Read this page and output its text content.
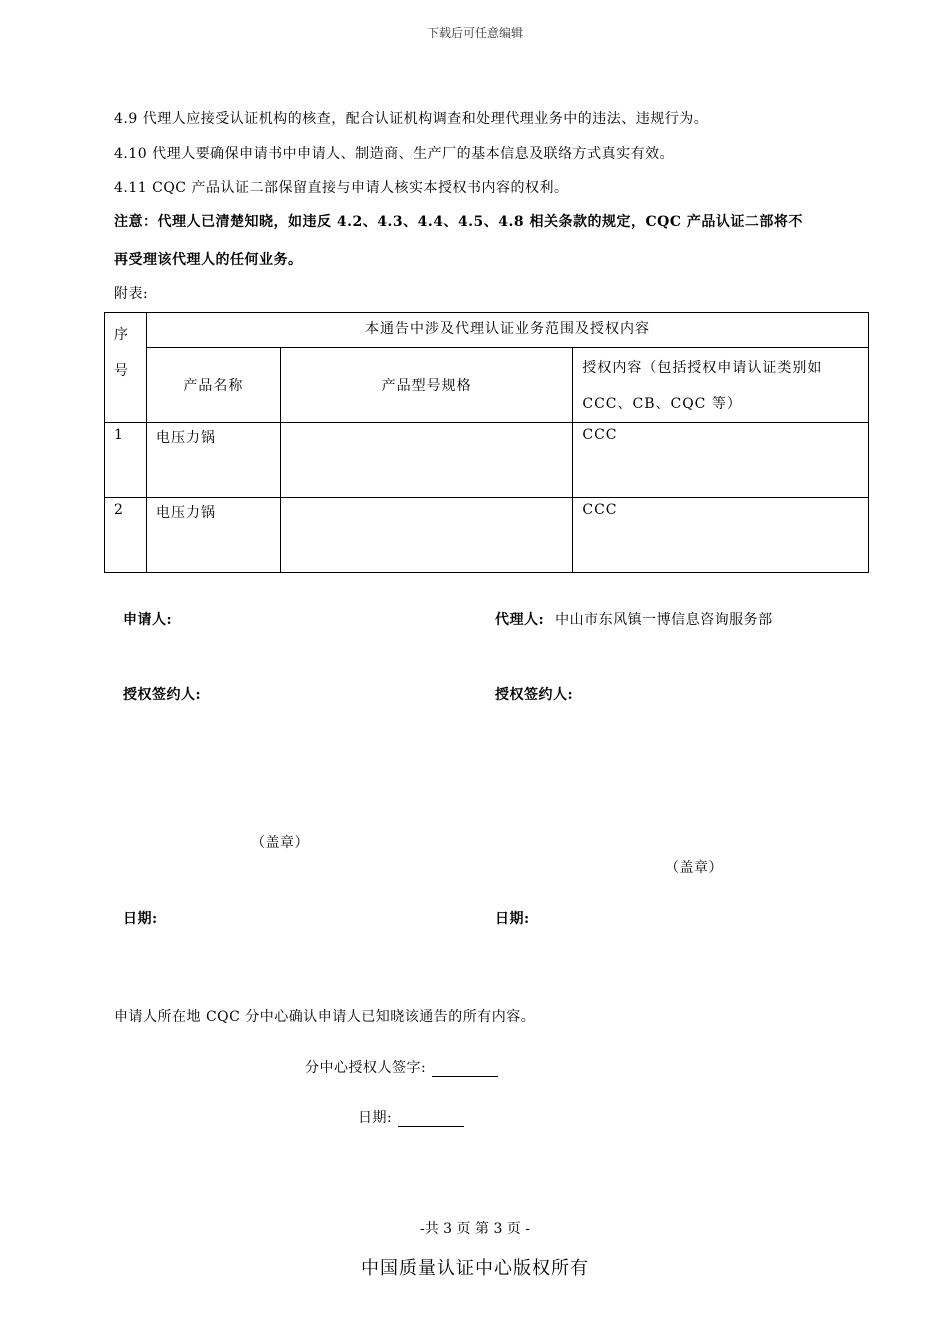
下载后可任意编辑
4.9 代理人应接受认证机构的核查，配合认证机构调查和处理代理业务中的违法、违规行为。
4.10 代理人要确保申请书中申请人、制造商、生产厂的基本信息及联络方式真实有效。
4.11 CQC 产品认证二部保留直接与申请人核实本授权书内容的权利。
注意：代理人已清楚知晓，如违反 4.2、4.3、4.4、4.5、4.8 相关条款的规定，CQC 产品认证二部将不
再受理该代理人的任何业务。
附表:
序
号	本通告中涉及代理认证业务范围及授权内容		
	产品名称	产品型号规格	授权内容（包括授权申请认证类别如
CCC、CB、CQC 等）

1	电压力锅		CCC
2	电压力锅		CCC
申请人:	代理人: 中山市东风镇一博信息咨询服务部
授权签约人:	授权签约人:
（盖章）
（盖章）
日期:	日期:
申请人所在地 CQC 分中心确认申请人已知晓该通告的所有内容。
分中心授权人签字:
日期:
-共 3 页 第 3 页 -
中国质量认证中心版权所有
